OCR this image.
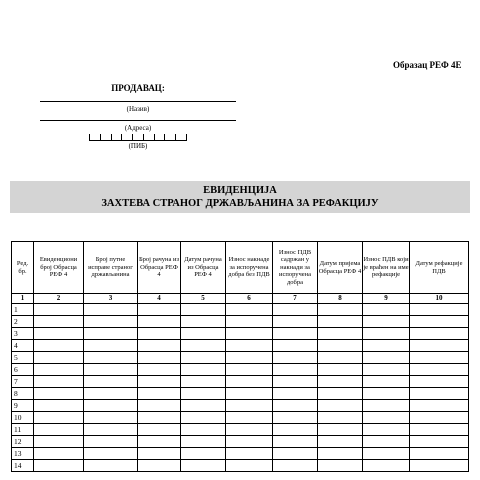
Образац РЕФ 4Е
ПРОДАВАЦ:
(Назив)
(Адреса)
(ПИБ)
ЕВИДЕНЦИЈА
ЗАХТЕВА СТРАНОГ ДРЖАВЉАНИНА ЗА РЕФАКЦИЈУ
Ред. бр.	Евиденциони број Обрасца РЕФ 4	Број путне исправе страног држављанина	Број рачуна из Обрасца РЕФ 4	Датум рачуна из Обрасца РЕФ 4	Износ накнаде за испоручена добра без ПДВ	Износ ПДВ садржан у накнади за испоручена добра	Датум пријема Обрасца РЕФ 4	Износ ПДВ који је враћен на име рефакције	Датум рефакције ПДВ
1	2	3	4	5	6	7	8	9	10
1									
2									
3									
4									
5									
6									
7									
8									
9									
10									
11									
12									
13									
14									
